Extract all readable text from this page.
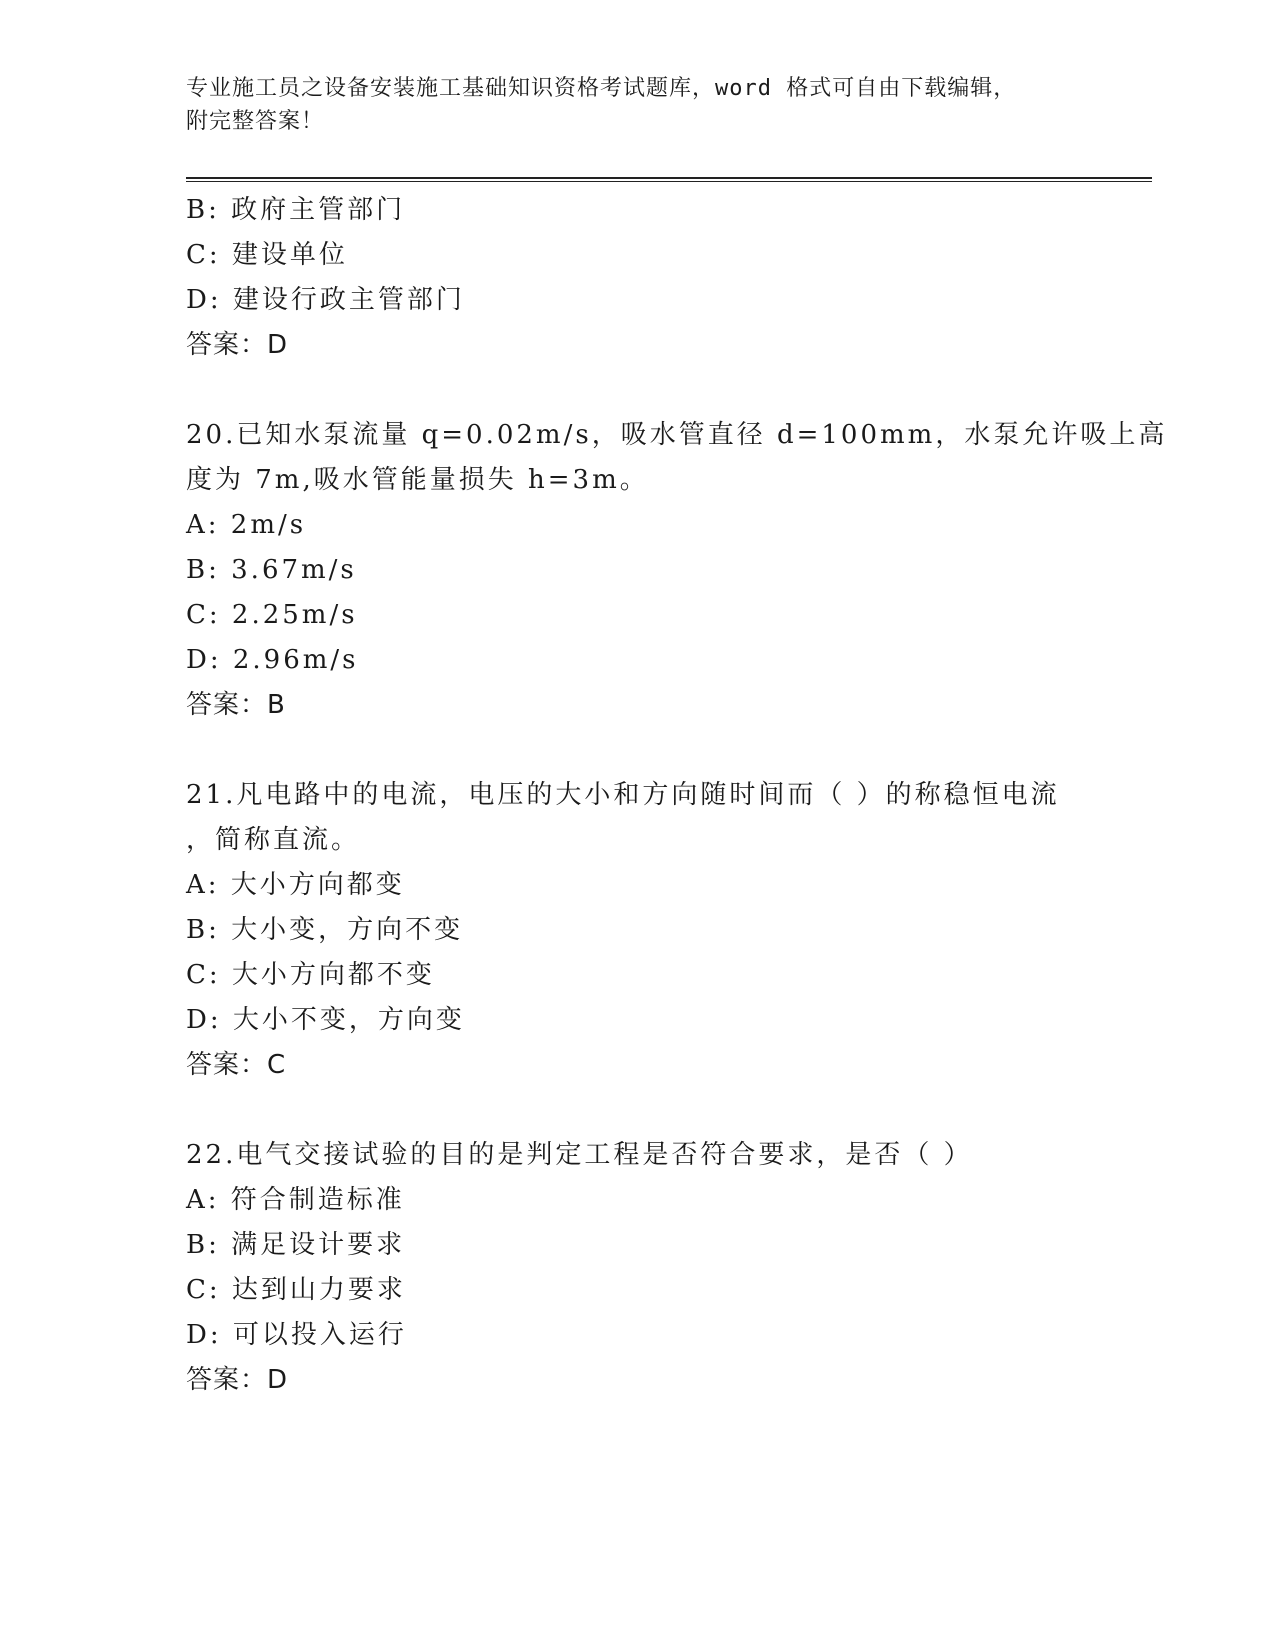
专业施工员之设备安装施工基础知识资格考试题库，word 格式可自由下载编辑，
附完整答案！
B: 政府主管部门
C: 建设单位
D: 建设行政主管部门
答案：D
20.已知水泵流量 q=0.02m/s，吸水管直径 d=100mm，水泵允许吸上高
度为 7m,吸水管能量损失 h=3m。
A: 2m/s
B: 3.67m/s
C: 2.25m/s
D: 2.96m/s
答案：B
21.凡电路中的电流，电压的大小和方向随时间而（ ）的称稳恒电流
，简称直流。
A: 大小方向都变
B: 大小变，方向不变
C: 大小方向都不变
D: 大小不变，方向变
答案：C
22.电气交接试验的目的是判定工程是否符合要求，是否（ ）
A: 符合制造标准
B: 满足设计要求
C: 达到山力要求
D: 可以投入运行
答案：D
